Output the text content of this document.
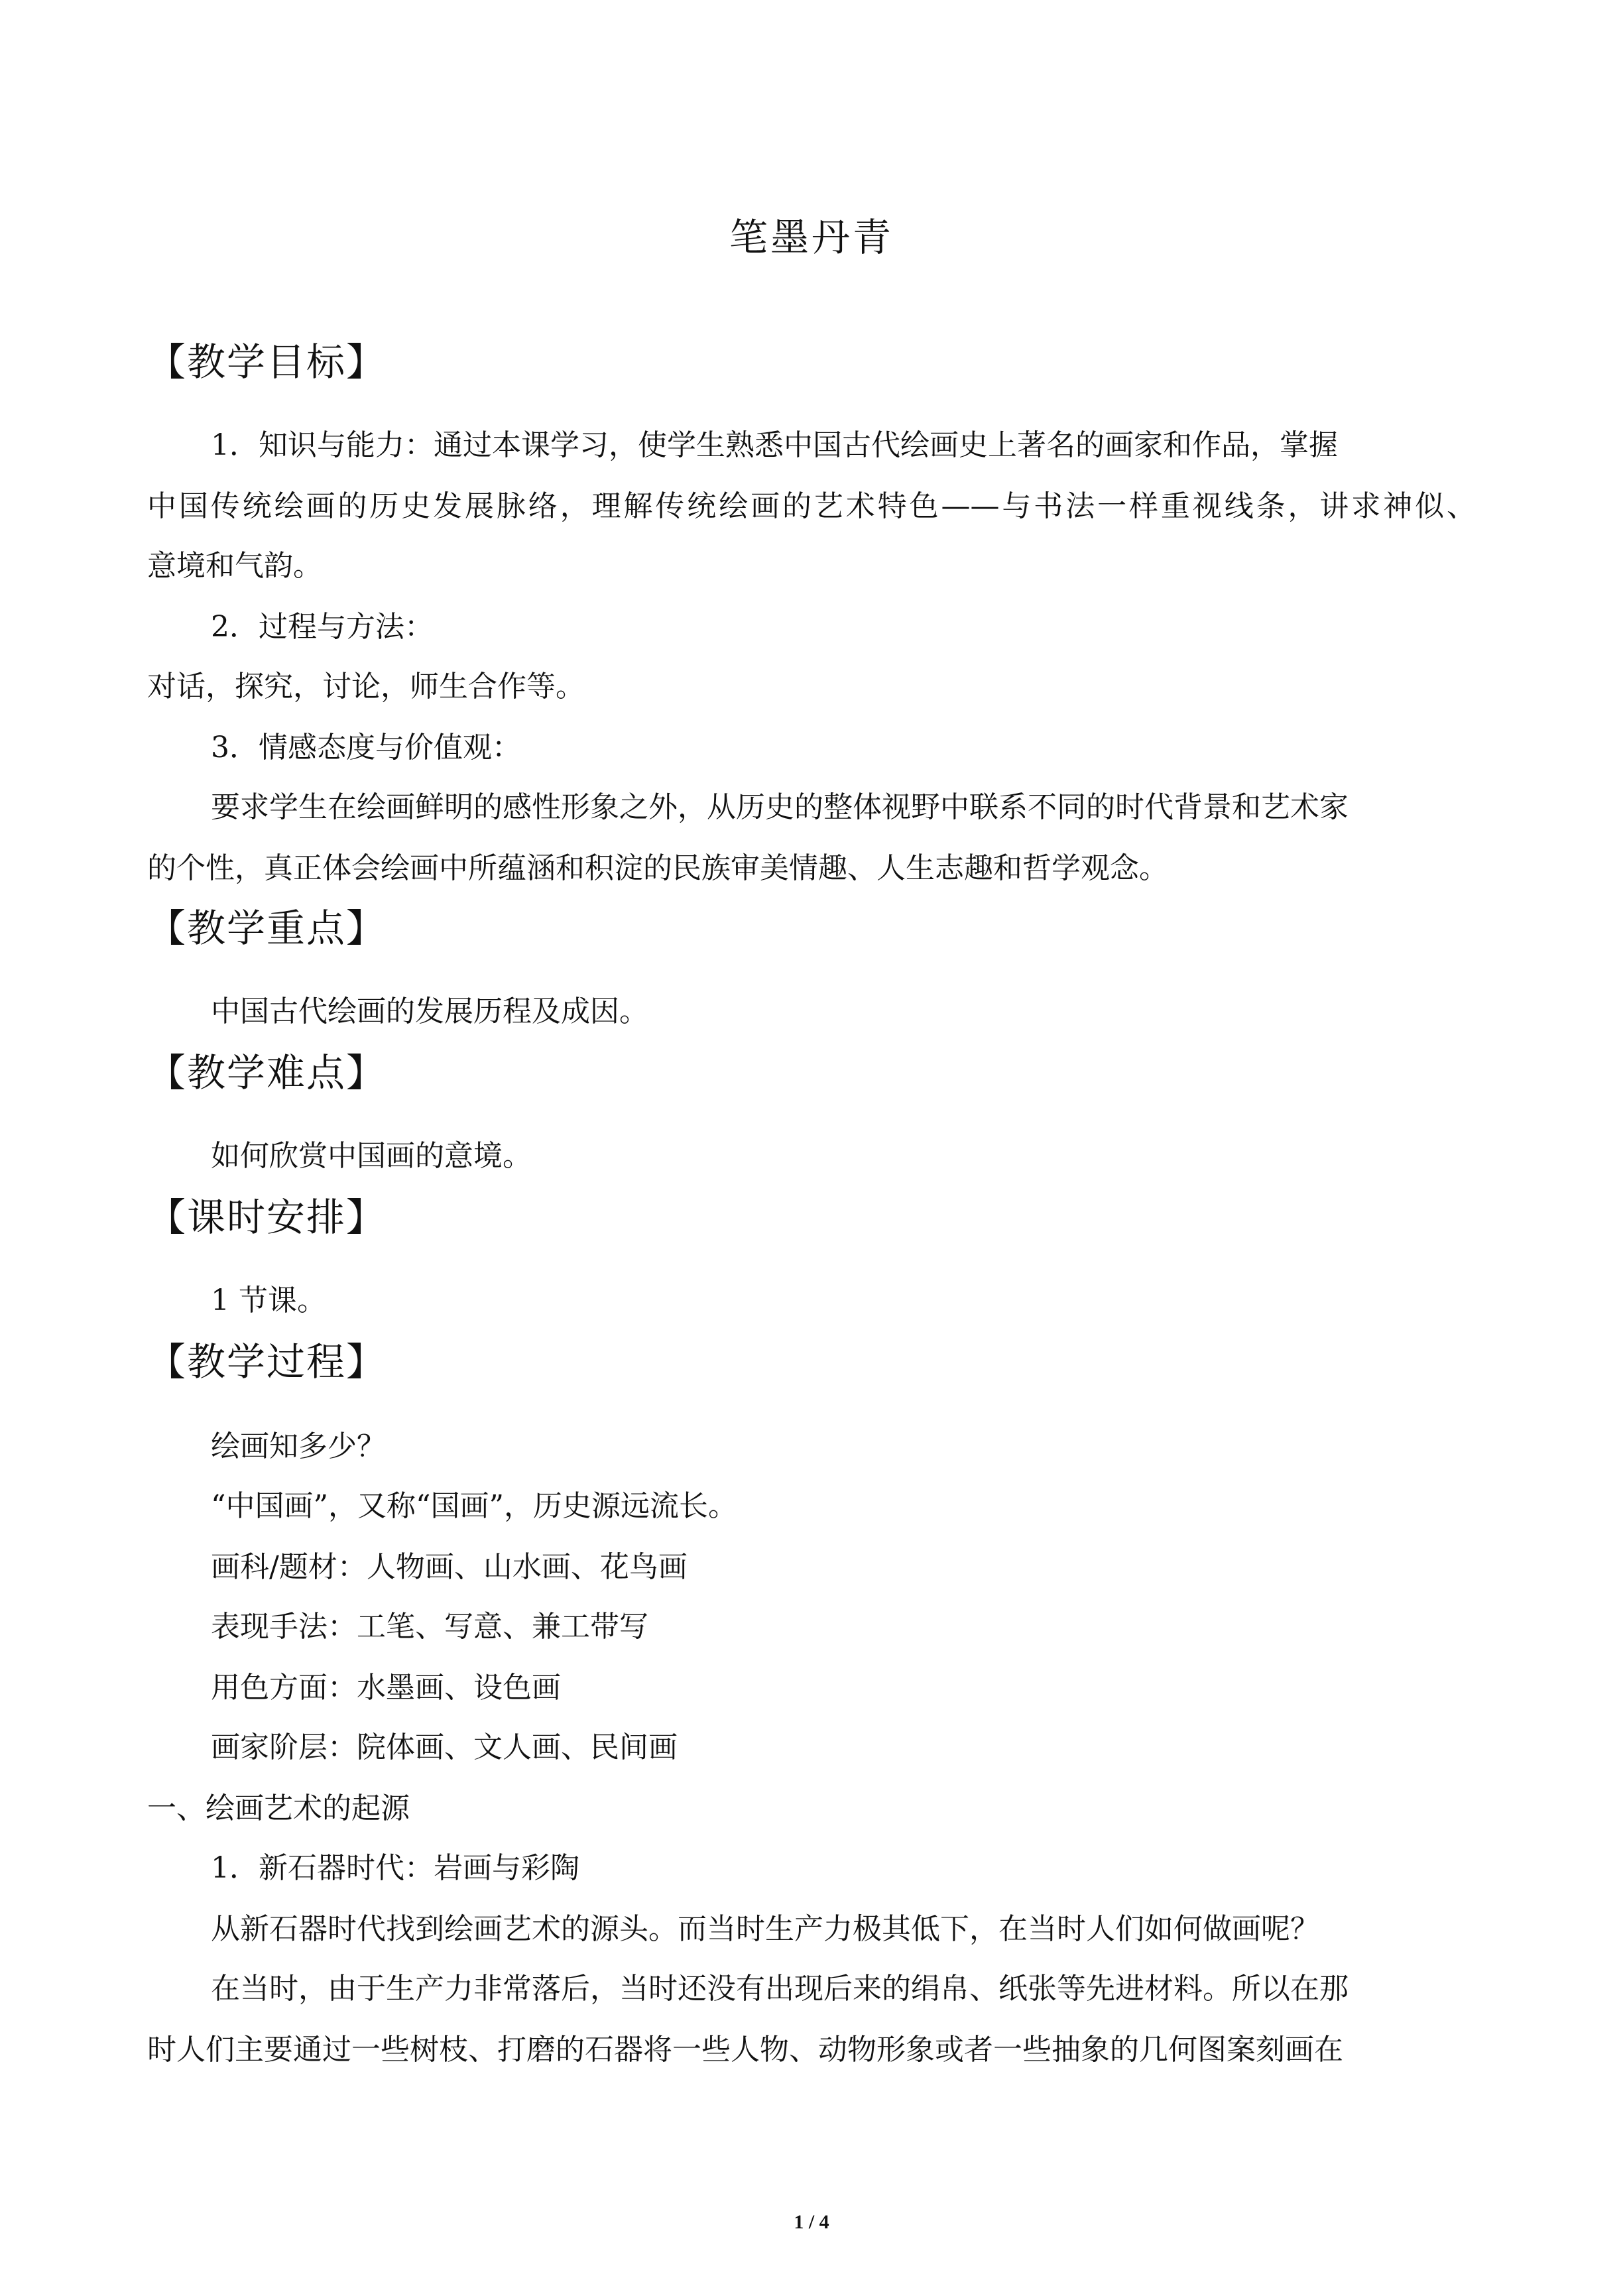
笔墨丹青
【教学目标】
1．知识与能力：通过本课学习，使学生熟悉中国古代绘画史上著名的画家和作品，掌握
中国传统绘画的历史发展脉络，理解传统绘画的艺术特色——与书法一样重视线条，讲求神似、
意境和气韵。
2．过程与方法：
对话，探究，讨论，师生合作等。
3．情感态度与价值观：
要求学生在绘画鲜明的感性形象之外，从历史的整体视野中联系不同的时代背景和艺术家
的个性，真正体会绘画中所蕴涵和积淀的民族审美情趣、人生志趣和哲学观念。
【教学重点】
中国古代绘画的发展历程及成因。
【教学难点】
如何欣赏中国画的意境。
【课时安排】
1 节课。
【教学过程】
绘画知多少？
“中国画”，又称“国画”，历史源远流长。
画科/题材：人物画、山水画、花鸟画
表现手法：工笔、写意、兼工带写
用色方面：水墨画、设色画
画家阶层：院体画、文人画、民间画
一、绘画艺术的起源
1．新石器时代：岩画与彩陶
从新石器时代找到绘画艺术的源头。而当时生产力极其低下，在当时人们如何做画呢？
在当时，由于生产力非常落后，当时还没有出现后来的绢帛、纸张等先进材料。所以在那
时人们主要通过一些树枝、打磨的石器将一些人物、动物形象或者一些抽象的几何图案刻画在
1 / 4
